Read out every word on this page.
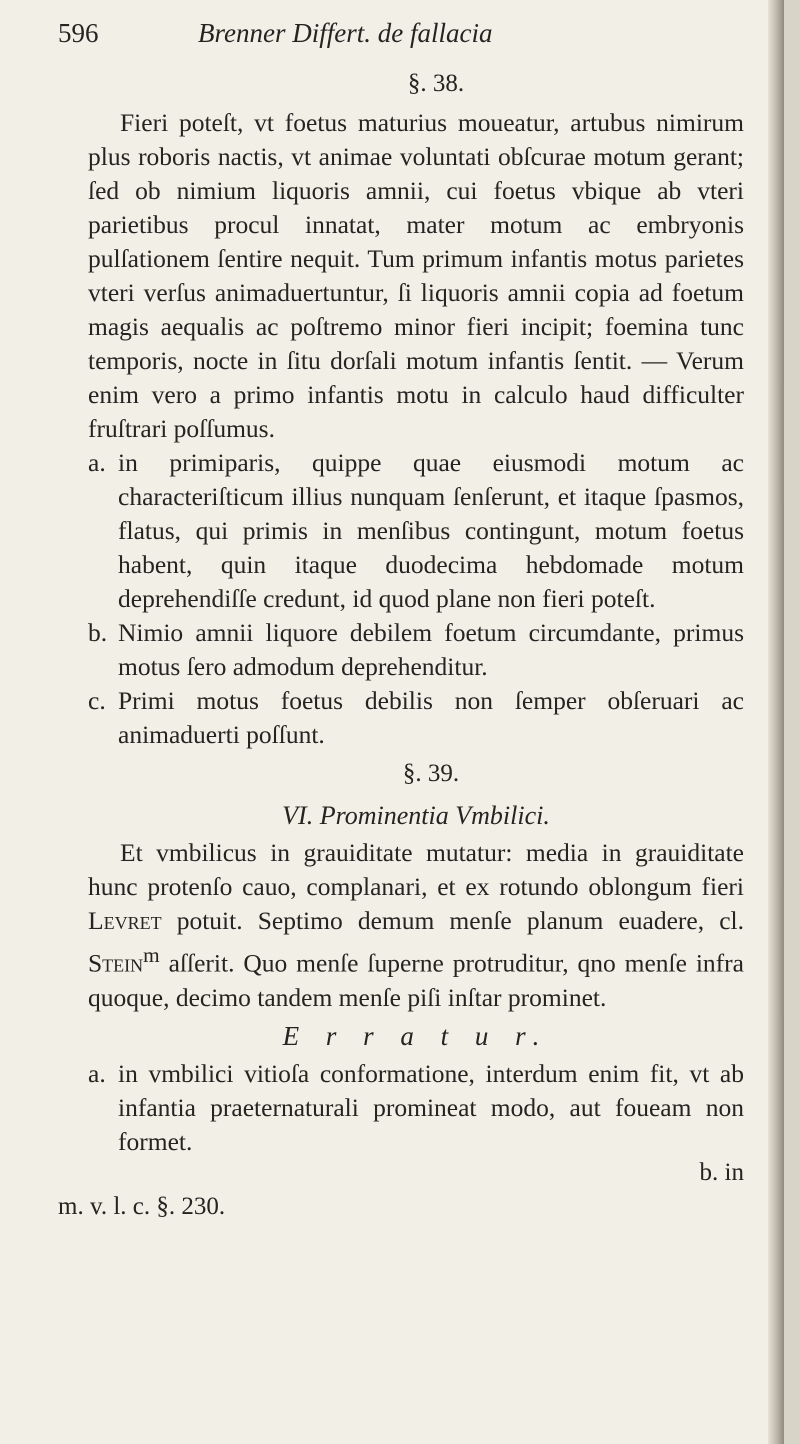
596	Brenner Differt. de fallacia

§. 38.

Fieri poteſt, vt foetus maturius moueatur, artubus nimirum plus roboris nactis, vt animae voluntati obſcurae motum gerant; ſed ob nimium liquoris amnii, cui foetus vbique ab vteri parietibus procul innatat, mater motum ac embryonis pulſationem ſentire nequit. Tum primum infantis motus parietes vteri verſus animaduertuntur, ſi liquoris amnii copia ad foetum magis aequalis ac poſtremo minor fieri incipit; foemina tunc temporis, nocte in ſitu dorſali motum infantis ſentit. — Verum enim vero a primo infantis motu in calculo haud difficulter fruſtrari poſſumus.

a. in primiparis, quippe quae eiusmodi motum ac characteriſticum illius nunquam ſenſerunt, et itaque ſpasmos, flatus, qui primis in menſibus contingunt, motum foetus habent, quin itaque duodecima hebdomade motum deprehendiſſe credunt, id quod plane non fieri poteſt.
b. Nimio amnii liquore debilem foetum circumdante, primus motus ſero admodum deprehenditur.
c. Primi motus foetus debilis non ſemper obſeruari ac animaduerti poſſunt.

§. 39.

VI. Prominentia Vmbilici.

Et vmbilicus in grauiditate mutatur: media in grauiditate hunc protenſo cauo, complanari, et ex rotundo oblongum fieri Levret potuit. Septimo demum menſe planum euadere, cl. Stein$^m$ aſſerit. Quo menſe ſuperne protruditur, qno menſe infra quoque, decimo tandem menſe piſi inſtar prominet.

E r r a t u r.

a. in vmbilici vitioſa conformatione, interdum enim fit, vt ab infantia praeternaturali promineat modo, aut foueam non formet.
b. in
m. v. l. c. §. 230.
